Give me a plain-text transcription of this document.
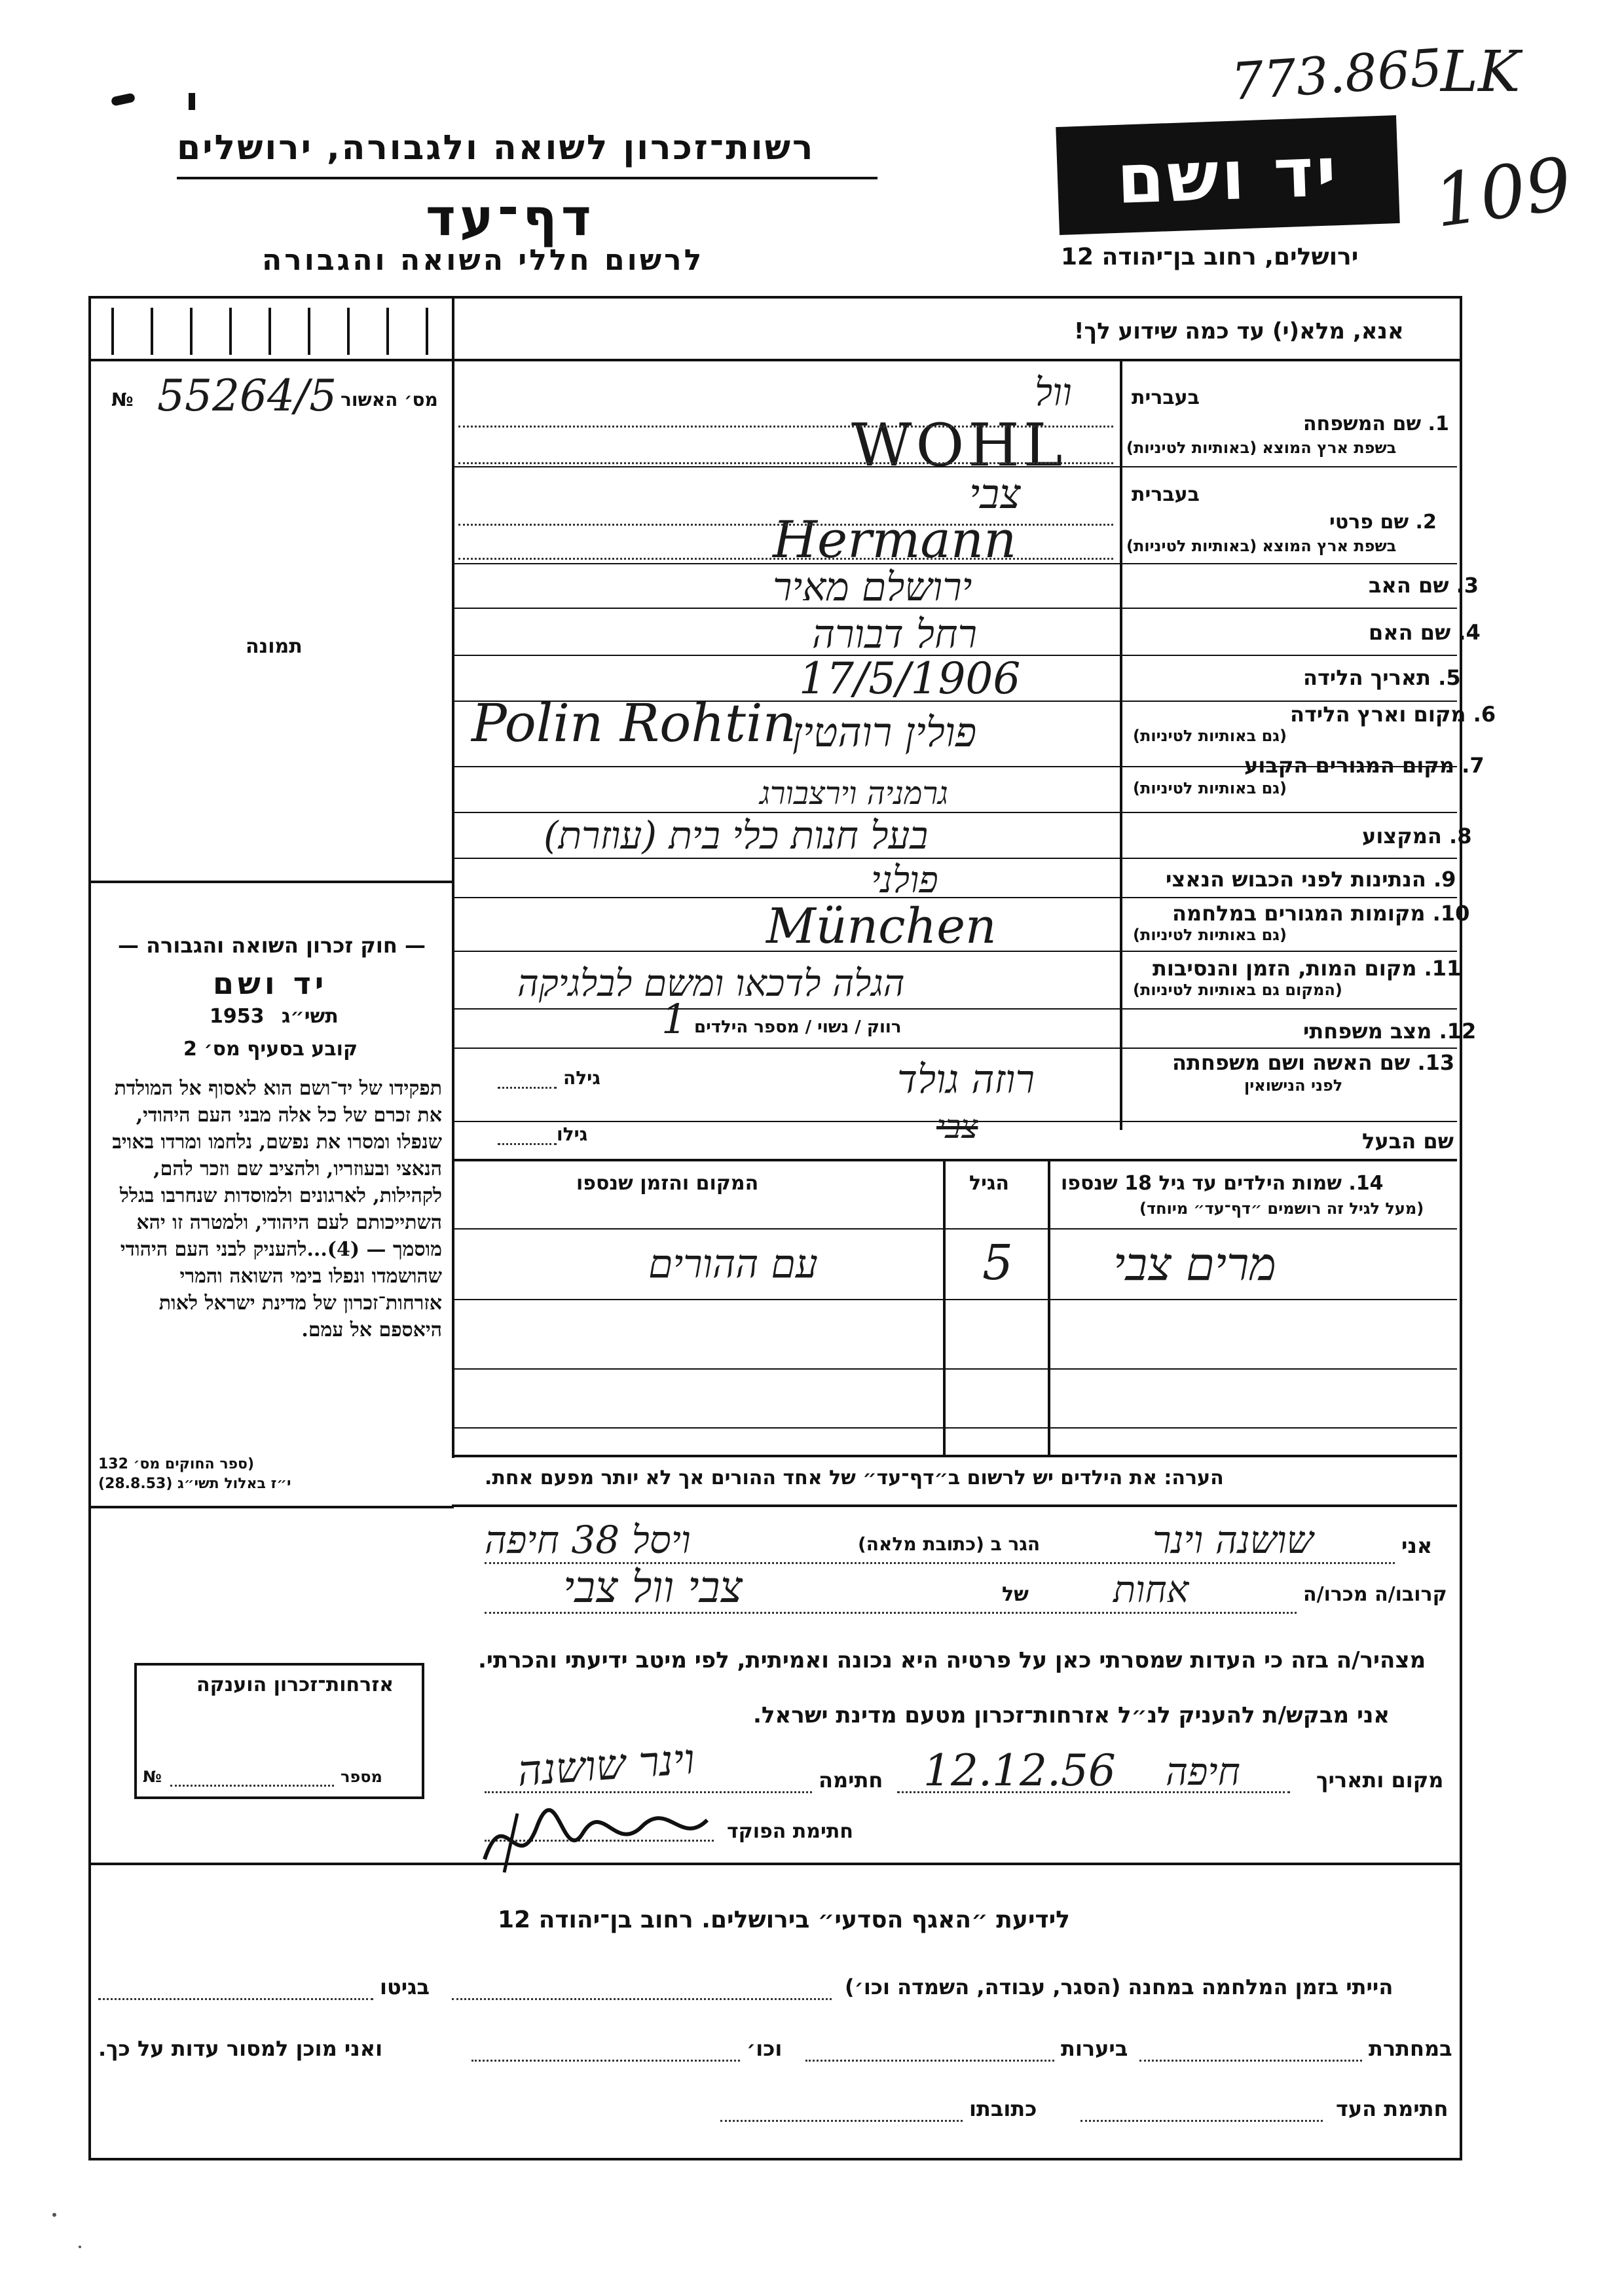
773.865
LK
109
רשות־זכרון לשואה ולגבורה, ירושלים
דף־עד
לרשום חללי השואה והגבורה
יד ושם
ירושלים, רחוב בן־יהודה 12
אנא, מלא(י) עד כמה שידוע לך!
מס׳ האשור
№ 55264/5
תמונה
בעברית
1. שם המשפחה
בשפת ארץ המוצא (באותיות לטיניות)
וול
WOHL
בעברית
2. שם פרטי
בשפת ארץ המוצא (באותיות לטיניות)
צבי
Hermann
3. שם האב
ירושלם מאיר
4. שם האם
רחל דבורה
5. תאריך הלידה
17/5/1906
6. מקום וארץ הלידה
(גם באותיות לטיניות)
Polin Rohtin
פולין רוהטין
7. מקום המגורים הקבוע
(גם באותיות לטיניות)
גרמניה וירצבורג
8. המקצוע
בעל חנות כלי בית (עוזרת)
9. הנתינות לפני הכבוש הנאצי
פולני
10. מקומות המגורים במלחמה
(גם באותיות לטיניות)
München
11. מקום המות, הזמן והנסיבות
(המקום גם באותיות לטיניות)
הגלה לדכאו ומשם לבלגיקה
12. מצב משפחתי
רווק / נשוי / מספר הילדים
1
13. שם האשה ושם משפחתה
לפני הנישואין
גילה	רוזה גולד
שם הבעל
גילו	צבי
14. שמות הילדים עד גיל 18 שנספו
(מעל לגיל זה רושמים ״דף־עד״ מיוחד)
הגיל
המקום והזמן שנספו
מרים צבי
5
עם ההורים
הערה: את הילדים יש לרשום ב״דף־עד״ של אחד ההורים אך לא יותר מפעם אחת.
— חוק זכרון השואה והגבורה —
יד ושם
1953 תשי״ג
קובע בסעיף מס׳ 2
תפקידו של יד־ושם הוא לאסוף אל המולדת את זכרם של כל אלה מבני העם היהודי, שנפלו ומסרו את נפשם, נלחמו ומרדו באויב הנאצי ובעוזריו, ולהציב שם וזכר להם, לקהילות, לארגונים ולמוסדות שנחרבו בגלל השתייכותם לעם היהודי, ולמטרה זו יהא מוסמך — (4)...להעניק לבני העם היהודי שהושמדו ונפלו בימי השואה והמרי אזרחות־זכרון של מדינת ישראל לאות היאספם אל עמם.
(ספר החוקים מס׳ 132
י״ז באלול תשי״ג (28.8.53)
אני
שושנה וינר
הגר ב (כתובת מלאה)
ויסל 38 חיפה
קרובו/ה מכרו/ה
אחות
של
צבי וול צבי
מצהיר/ה בזה כי העדות שמסרתי כאן על פרטיה היא נכונה ואמיתית, לפי מיטב ידיעתי והכרתי.
אני מבקש/ת להעניק לנ״ל אזרחות־זכרון מטעם מדינת ישראל.
מקום ותאריך
חיפה
12.12.56
חתימה
וינר שושנה
חתימת הפוקד
אזרחות־זכרון הוענקה
מספר
№
לידיעת ״האגף הסדעי״ בירושלים. רחוב בן־יהודה 12
הייתי בזמן המלחמה במחנה (הסגר, עבודה, השמדה וכו׳)
בגיטו
במחתרת
ביערות
וכו׳
ואני מוכן למסור עדות על כך.
חתימת העד
כתובתו
